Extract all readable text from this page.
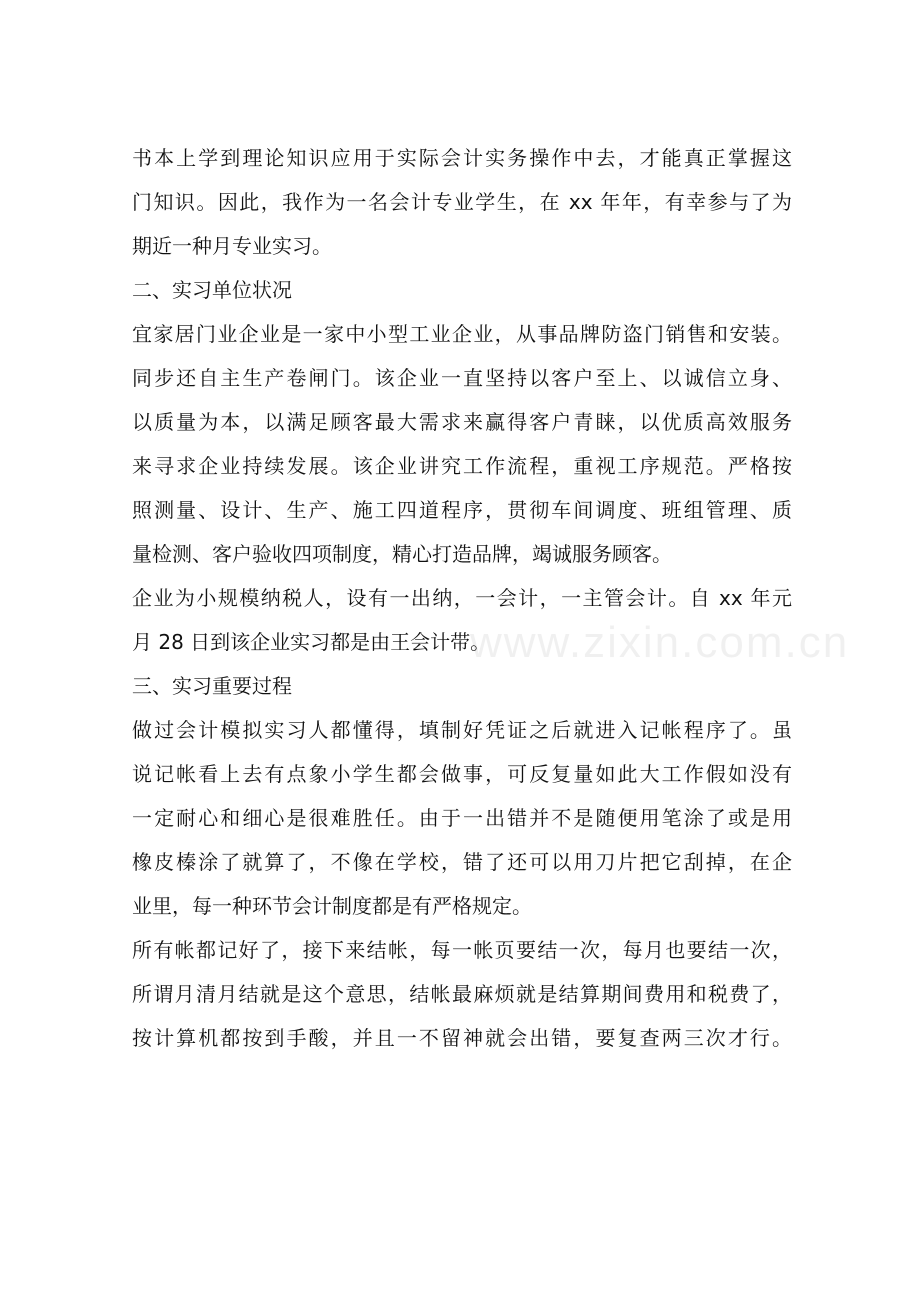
www.zixin.com.cn
书本上学到理论知识应用于实际会计实务操作中去，才能真正掌握这
门知识。因此，我作为一名会计专业学生，在 xx 年年，有幸参与了为
期近一种月专业实习。
二、实习单位状况
宜家居门业企业是一家中小型工业企业，从事品牌防盗门销售和安装。
同步还自主生产卷闸门。该企业一直坚持以客户至上、以诚信立身、
以质量为本，以满足顾客最大需求来赢得客户青睐，以优质高效服务
来寻求企业持续发展。该企业讲究工作流程，重视工序规范。严格按
照测量、设计、生产、施工四道程序，贯彻车间调度、班组管理、质
量检测、客户验收四项制度，精心打造品牌，竭诚服务顾客。
企业为小规模纳税人，设有一出纳，一会计，一主管会计。自 xx 年元
月 28 日到该企业实习都是由王会计带。
三、实习重要过程
做过会计模拟实习人都懂得，填制好凭证之后就进入记帐程序了。虽
说记帐看上去有点象小学生都会做事，可反复量如此大工作假如没有
一定耐心和细心是很难胜任。由于一出错并不是随便用笔涂了或是用
橡皮榛涂了就算了，不像在学校，错了还可以用刀片把它刮掉，在企
业里，每一种环节会计制度都是有严格规定。
所有帐都记好了，接下来结帐，每一帐页要结一次，每月也要结一次，
所谓月清月结就是这个意思，结帐最麻烦就是结算期间费用和税费了，
按计算机都按到手酸，并且一不留神就会出错，要复查两三次才行。
